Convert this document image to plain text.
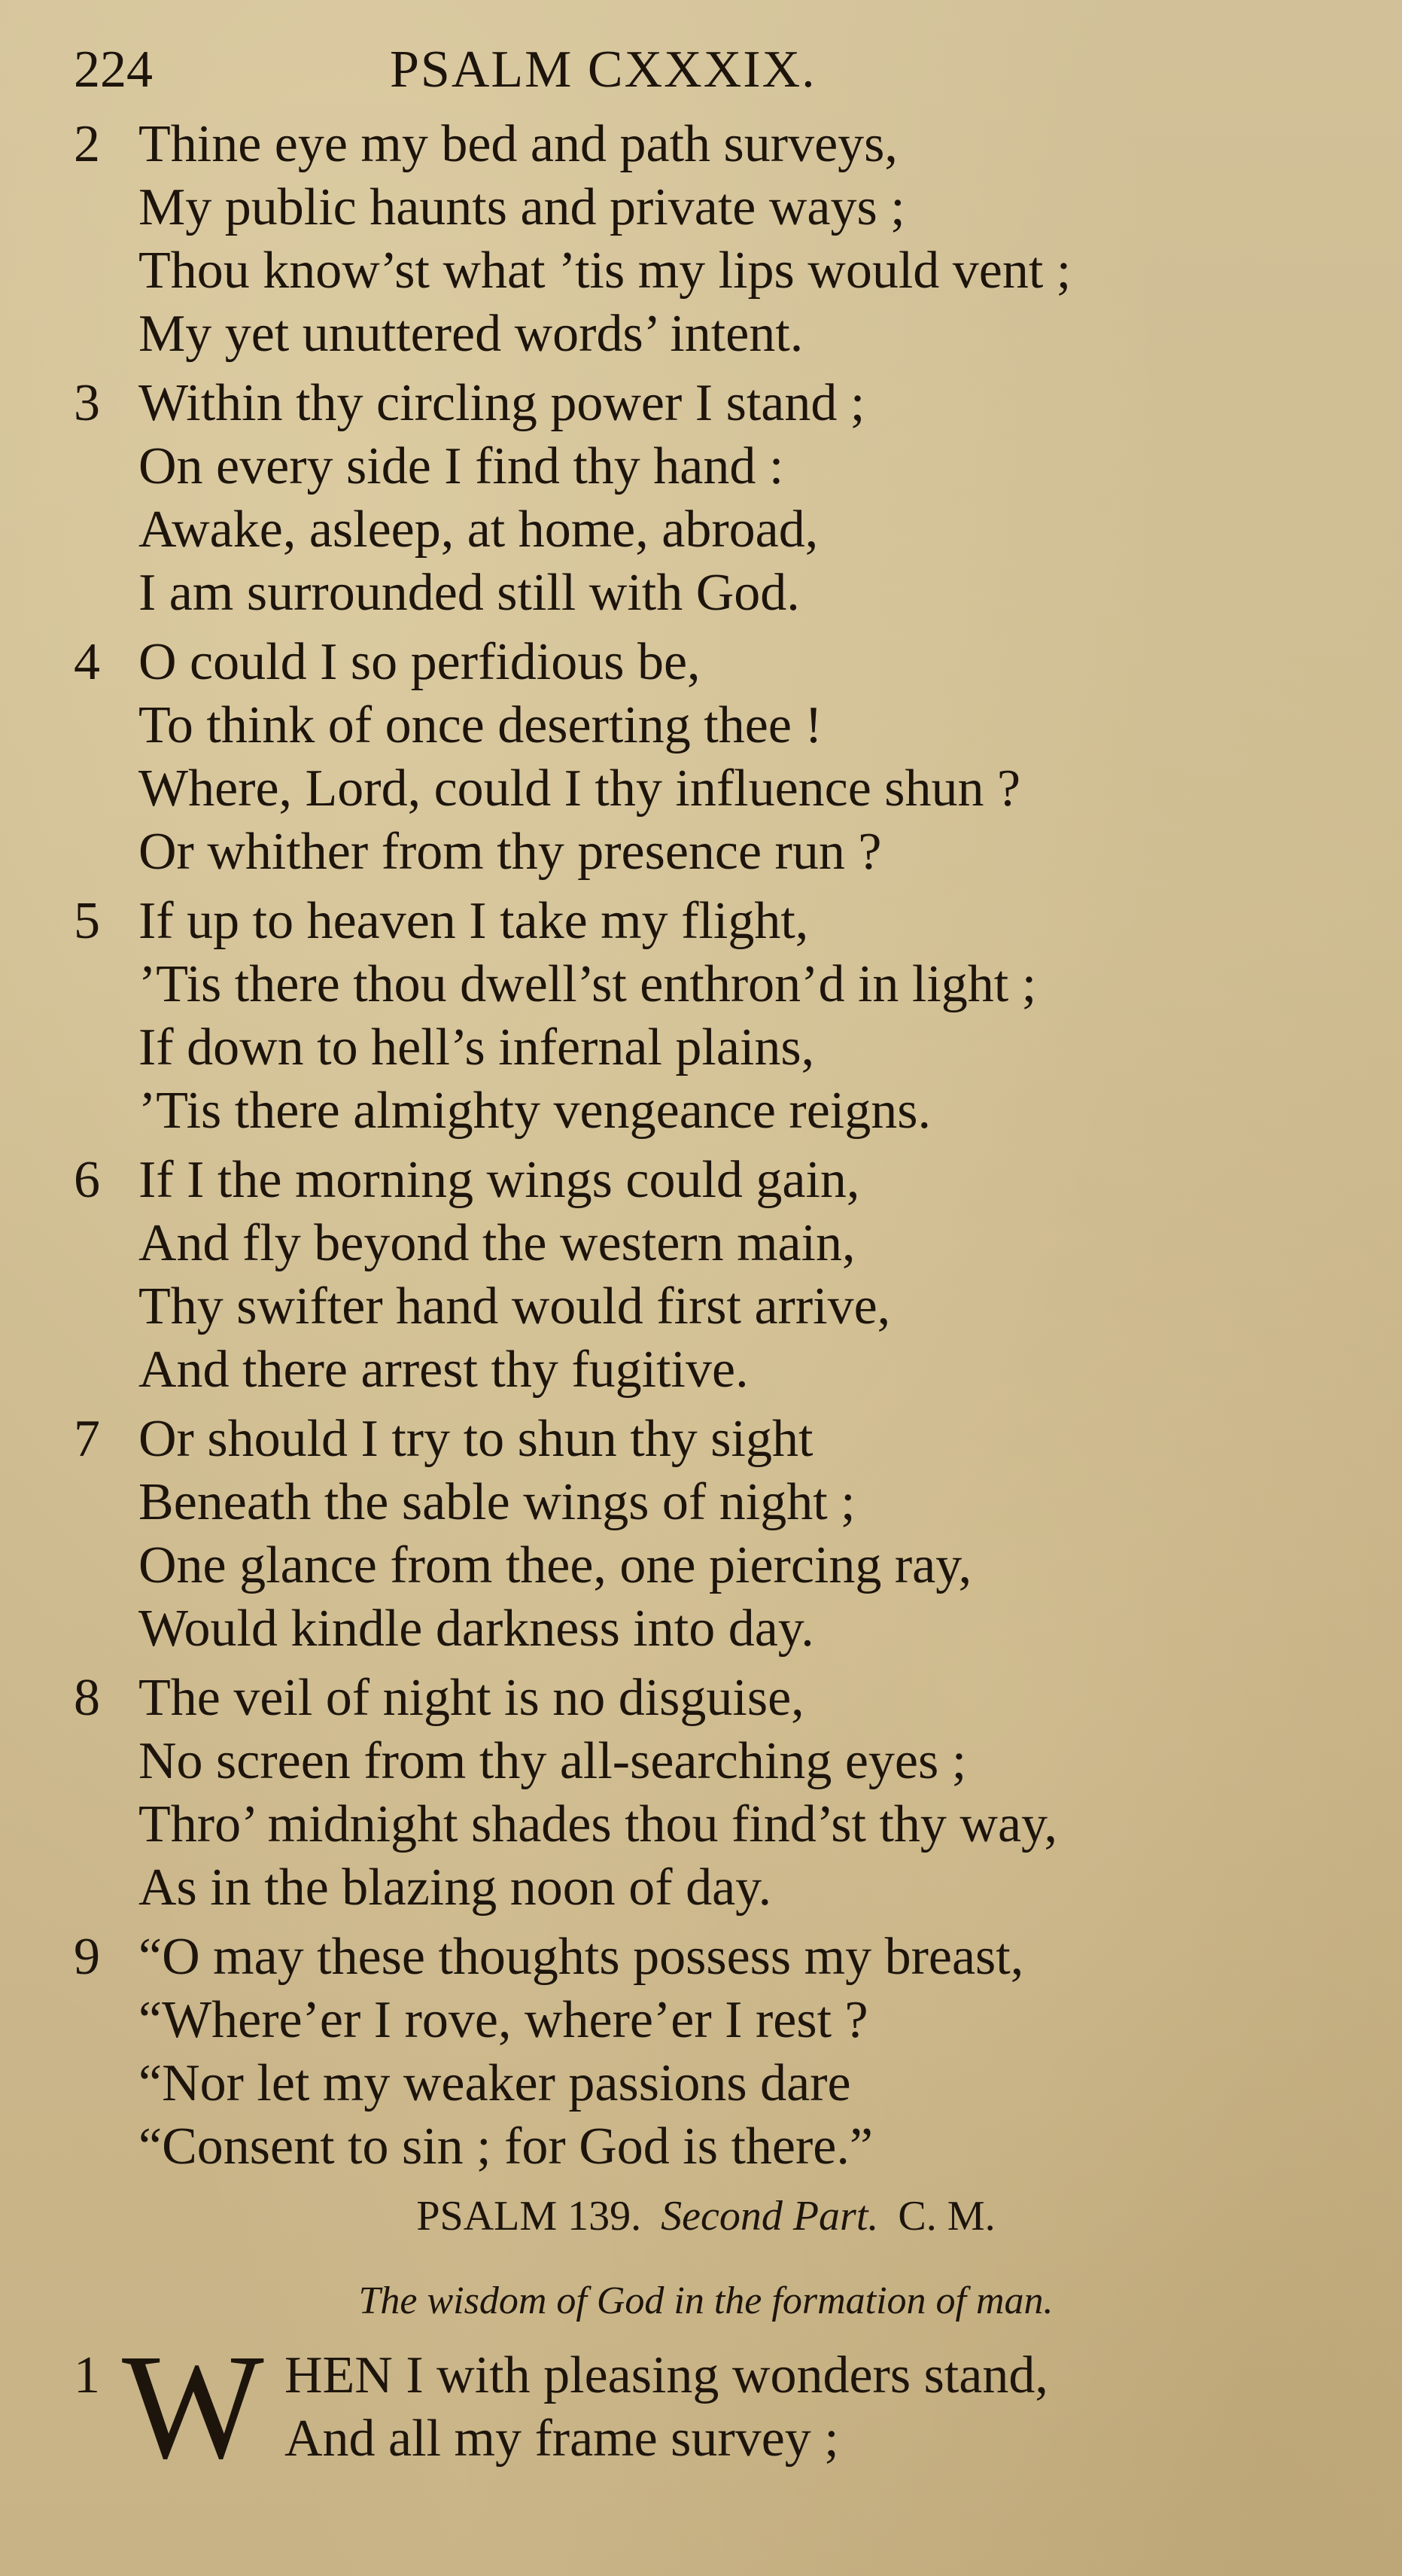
224	PSALM CXXXIX.
2 Thine eye my bed and path surveys,
My public haunts and private ways ;
Thou know’st what ’tis my lips would vent ;
My yet unuttered words’ intent.
3 Within thy circling power I stand ;
On every side I find thy hand :
Awake, asleep, at home, abroad,
I am surrounded still with God.
4 O could I so perfidious be,
To think of once deserting thee !
Where, Lord, could I thy influence shun ?
Or whither from thy presence run ?
5 If up to heaven I take my flight,
’Tis there thou dwell’st enthron’d in light ;
If down to hell’s infernal plains,
’Tis there almighty vengeance reigns.
6 If I the morning wings could gain,
And fly beyond the western main,
Thy swifter hand would first arrive,
And there arrest thy fugitive.
7 Or should I try to shun thy sight
Beneath the sable wings of night ;
One glance from thee, one piercing ray,
Would kindle darkness into day.
8 The veil of night is no disguise,
No screen from thy all-searching eyes ;
Thro’ midnight shades thou find’st thy way,
As in the blazing noon of day.
9 “O may these thoughts possess my breast,
“Where’er I rove, where’er I rest ?
“Nor let my weaker passions dare
“Consent to sin ; for God is there.”
PSALM 139. Second Part. C. M.
The wisdom of God in the formation of man.
1 W HEN I with pleasing wonders stand,
And all my frame survey ;
